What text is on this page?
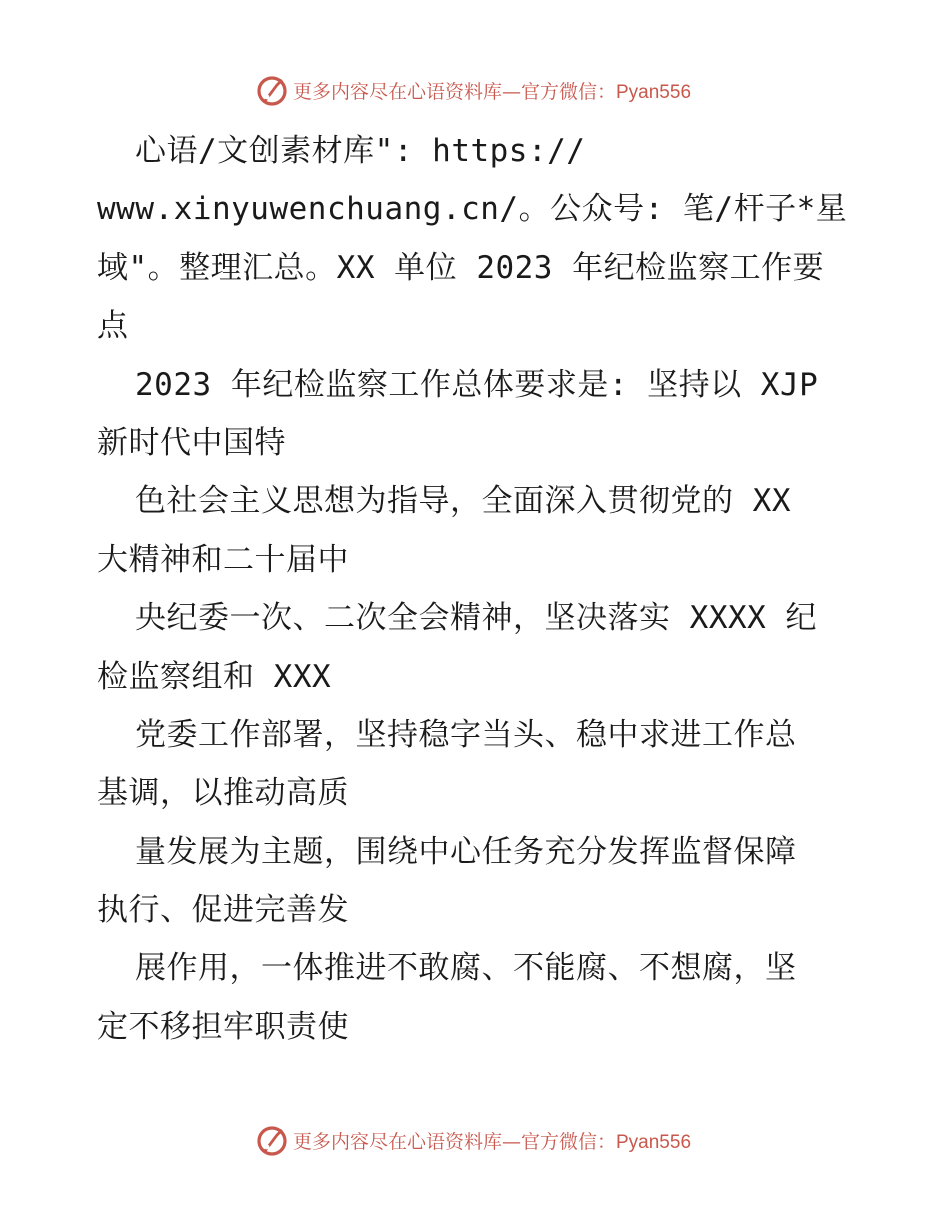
更多内容尽在心语资料库—官方微信：Pyan556
心语/文创素材库": https://
www.xinyuwenchuang.cn/。公众号: 笔/杆子*星
域"。整理汇总。XX 单位 2023 年纪检监察工作要
点
2023 年纪检监察工作总体要求是: 坚持以 XJP
新时代中国特
色社会主义思想为指导，全面深入贯彻党的 XX
大精神和二十届中
央纪委一次、二次全会精神，坚决落实 XXXX 纪
检监察组和 XXX
党委工作部署，坚持稳字当头、稳中求进工作总
基调，以推动高质
量发展为主题，围绕中心任务充分发挥监督保障
执行、促进完善发
展作用，一体推进不敢腐、不能腐、不想腐，坚
定不移担牢职责使
更多内容尽在心语资料库—官方微信：Pyan556
